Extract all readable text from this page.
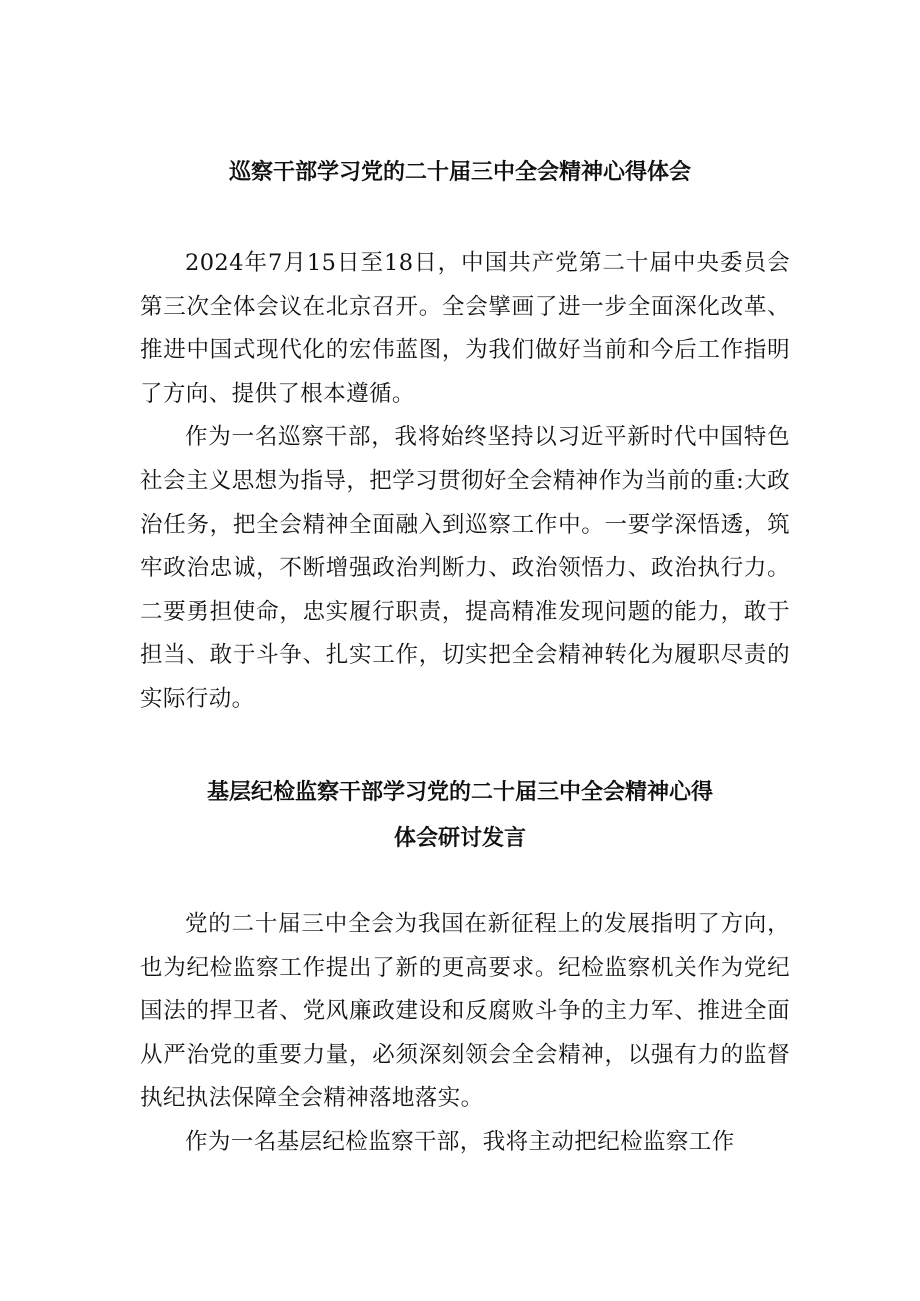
巡察干部学习党的二十届三中全会精神心得体会

2024年7月15日至18日，中国共产党第二十届中央委员会第三次全体会议在北京召开。全会擘画了进一步全面深化改革、推进中国式现代化的宏伟蓝图，为我们做好当前和今后工作指明了方向、提供了根本遵循。

作为一名巡察干部，我将始终坚持以习近平新时代中国特色社会主义思想为指导，把学习贯彻好全会精神作为当前的重:大政治任务，把全会精神全面融入到巡察工作中。一要学深悟透，筑牢政治忠诚，不断增强政治判断力、政治领悟力、政治执行力。二要勇担使命，忠实履行职责，提高精准发现问题的能力，敢于担当、敢于斗争、扎实工作，切实把全会精神转化为履职尽责的实际行动。

基层纪检监察干部学习党的二十届三中全会精神心得
体会研讨发言

党的二十届三中全会为我国在新征程上的发展指明了方向，也为纪检监察工作提出了新的更高要求。纪检监察机关作为党纪国法的捍卫者、党风廉政建设和反腐败斗争的主力军、推进全面从严治党的重要力量，必须深刻领会全会精神，以强有力的监督执纪执法保障全会精神落地落实。

作为一名基层纪检监察干部，我将主动把纪检监察工作
